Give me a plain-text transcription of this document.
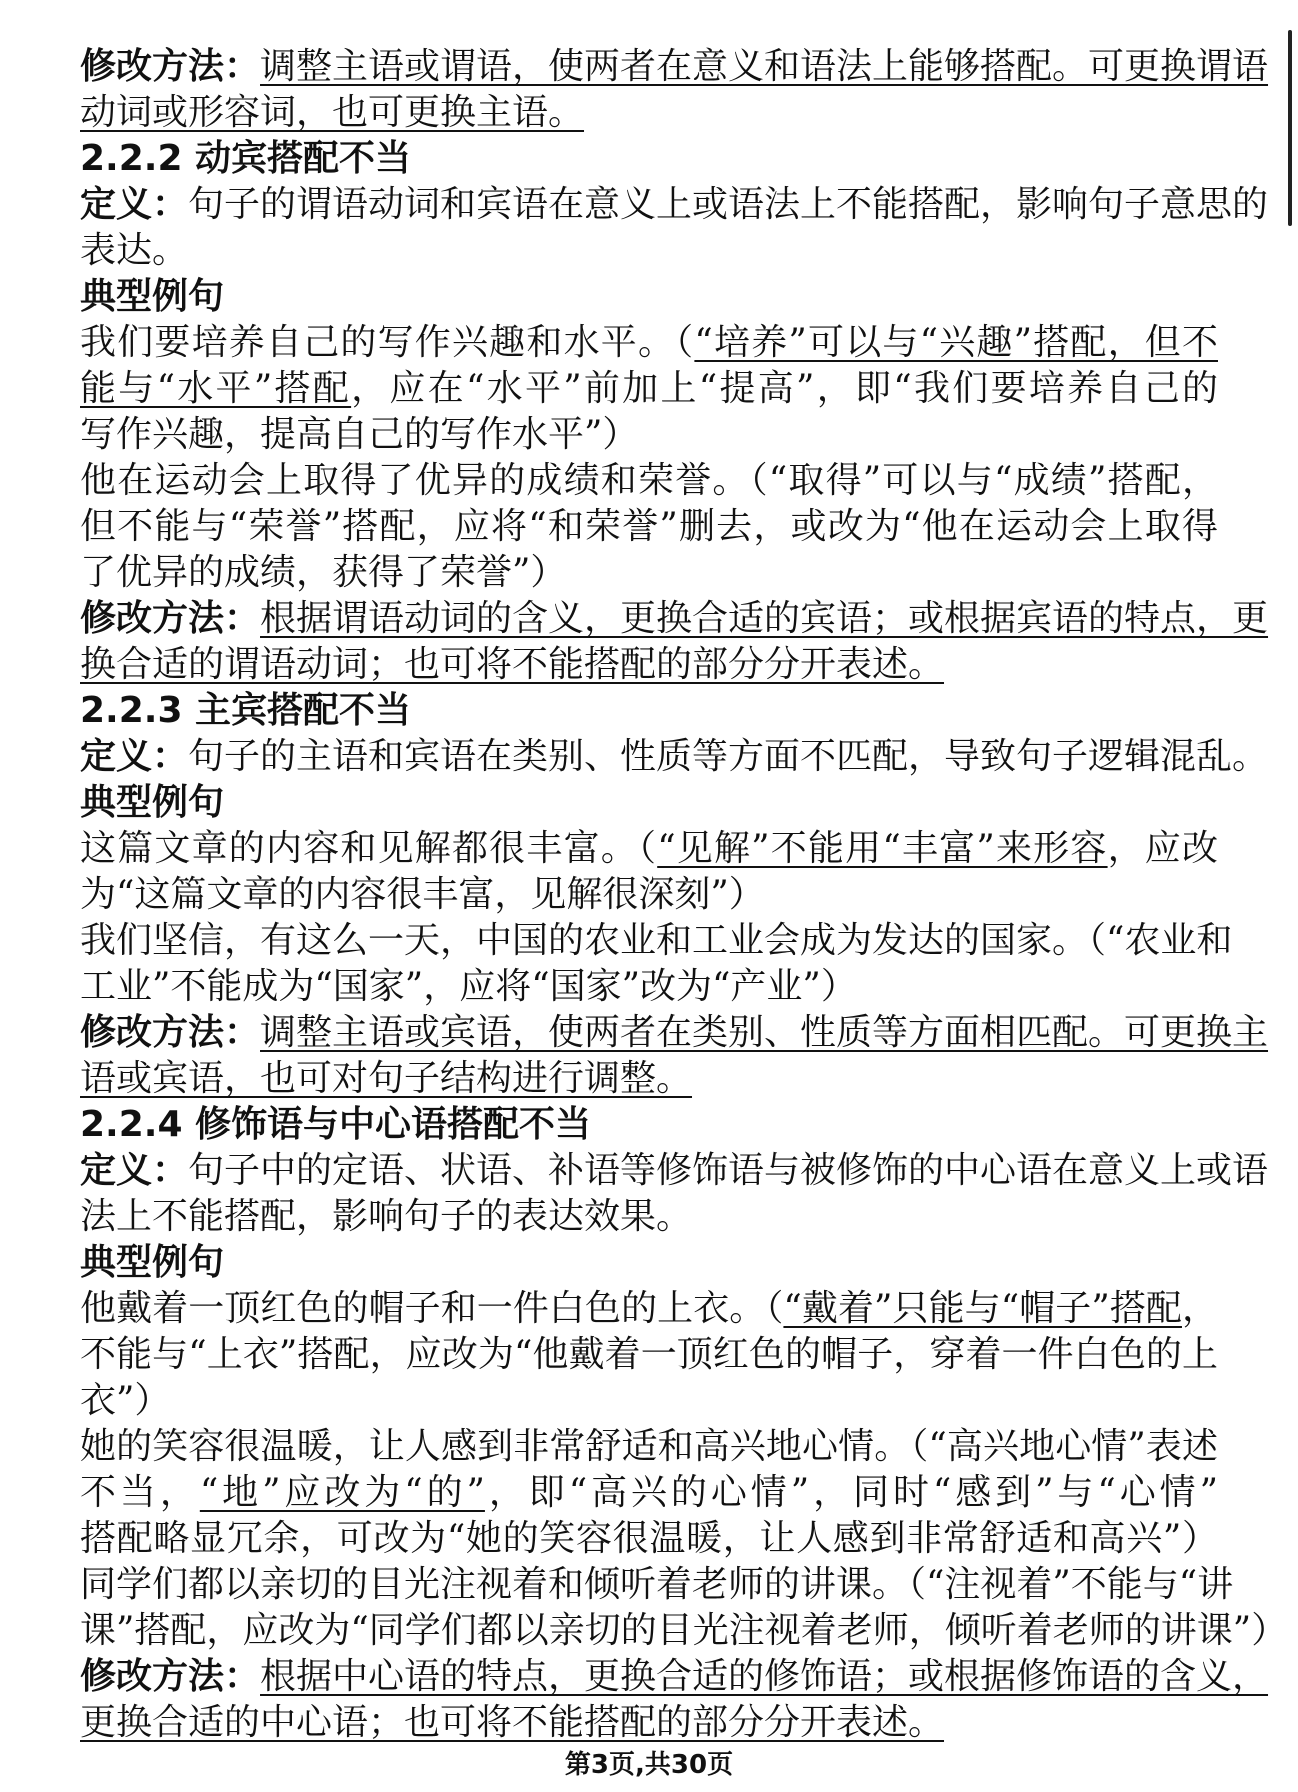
修改方法：调整主语或谓语，使两者在意义和语法上能够搭配。可更换谓语
动词或形容词，也可更换主语。
2.2.2 动宾搭配不当
定义：句子的谓语动词和宾语在意义上或语法上不能搭配，影响句子意思的
表达。
典型例句
我们要培养自己的写作兴趣和水平。（“培养”可以与“兴趣”搭配，但不
能与“水平”搭配，应在“水平”前加上“提高”，即“我们要培养自己的
写作兴趣，提高自己的写作水平”）
他在运动会上取得了优异的成绩和荣誉。（“取得”可以与“成绩”搭配，
但不能与“荣誉”搭配，应将“和荣誉”删去，或改为“他在运动会上取得
了优异的成绩，获得了荣誉”）
修改方法：根据谓语动词的含义，更换合适的宾语；或根据宾语的特点，更
换合适的谓语动词；也可将不能搭配的部分分开表述。
2.2.3 主宾搭配不当
定义：句子的主语和宾语在类别、性质等方面不匹配，导致句子逻辑混乱。
典型例句
这篇文章的内容和见解都很丰富。（“见解”不能用“丰富”来形容，应改
为“这篇文章的内容很丰富，见解很深刻”）
我们坚信，有这么一天，中国的农业和工业会成为发达的国家。（“农业和
工业”不能成为“国家”，应将“国家”改为“产业”）
修改方法：调整主语或宾语，使两者在类别、性质等方面相匹配。可更换主
语或宾语，也可对句子结构进行调整。
2.2.4 修饰语与中心语搭配不当
定义：句子中的定语、状语、补语等修饰语与被修饰的中心语在意义上或语
法上不能搭配，影响句子的表达效果。
典型例句
他戴着一顶红色的帽子和一件白色的上衣。（“戴着”只能与“帽子”搭配，
不能与“上衣”搭配，应改为“他戴着一顶红色的帽子，穿着一件白色的上
衣”）
她的笑容很温暖，让人感到非常舒适和高兴地心情。（“高兴地心情”表述
不当，“地”应改为“的”，即“高兴的心情”，同时“感到”与“心情”
搭配略显冗余，可改为“她的笑容很温暖，让人感到非常舒适和高兴”）
同学们都以亲切的目光注视着和倾听着老师的讲课。（“注视着”不能与“讲
课”搭配，应改为“同学们都以亲切的目光注视着老师，倾听着老师的讲课”）
修改方法：根据中心语的特点，更换合适的修饰语；或根据修饰语的含义，
更换合适的中心语；也可将不能搭配的部分分开表述。
第3页,共30页
